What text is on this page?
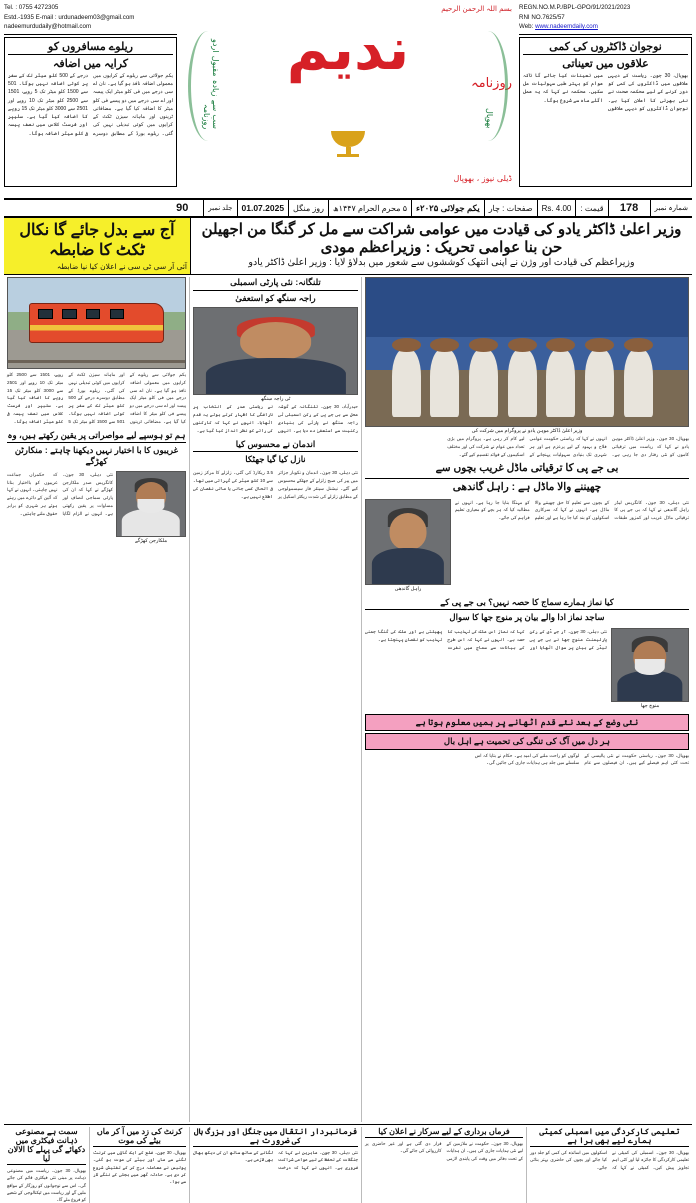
Tel. : 0755 4272305
Estd.-1935 E-mail : urdunadeem03@gmail.com
nadeemurdudaily@hotmail.com
ریلوے مسافروں کو
کرایہ میں اضافہ
یکم جولائی سے ریلوے کے کرایوں میں معمولی اضافہ نافذ ہو گیا ہے۔ نان اے سی درجے میں فی کلو میٹر ایک پیسہ اور اے سی درجے میں دو پیسے فی کلو میٹر کا اضافہ کیا گیا ہے۔ مضافاتی ٹرینوں اور ماہانہ سیزن ٹکٹ کے کرایوں میں کوئی تبدیلی نہیں کی گئی۔ ریلوے بورڈ کے مطابق دوسرے درجے کے 500 کلو میٹر تک کے سفر پر کوئی اضافہ نہیں ہوگا۔ 501 سے 1500 کلو میٹر تک 5 روپے، 1501 سے 2500 کلو میٹر تک 10 روپے اور 2501 سے 3000 کلو میٹر تک 15 روپے کا اضافہ کیا گیا ہے۔ سلیپر اور فرسٹ کلاس میں نصف پیسہ فی کلو میٹر اضافہ ہوگا۔
بسم اللہ الرحمن الرحیم
سب سے زیادہ مقبول اردو روزنامہ	بھوپال
ندیم
روزنامہ
ڈیلی نیوز ، بھوپال
REGN.NO.M.P./BPL-GPO/91/2021/2023
RNI NO.7625/57
Web: www.nadeemdaily.com
نوجوان ڈاکٹروں کی کمی
علاقوں میں تعیناتی
بھوپال، 30 جون۔ ریاست کے دیہی علاقوں میں ڈاکٹروں کی کمی کو دور کرنے کے لیے محکمہ صحت نے نئی بھرتی کا اعلان کیا ہے۔ نوجوان ڈاکٹروں کو دیہی علاقوں میں تعینات کیا جائے گا تاکہ عوام کو بہتر طبی سہولیات مل سکیں۔ محکمہ نے کہا کہ یہ عمل اگلے ماہ سے شروع ہوگا۔
شمارہ نمبر
178
قیمت :
Rs. 4.00
صفحات : چار
یکم جولائی ۲۰۲۵ء
۵ محرم الحرام ۱۴۴۷ھ
روز منگل
01.07.2025
جلد نمبر
90
وزیر اعلیٰ ڈاکٹر یادو کی قیادت میں عوامی شراکت سے مل کر گنگا من اجھیلن حن بنا عوامی تحریک : وزیراعظم مودی
وزیراعظم کی قیادت اور وژن نے اپنی انتھک کوششوں سے شعور میں بدلاؤ لایا : وزیر اعلیٰ ڈاکٹر یادو
آج سے بدل جائے گا نکال ٹکٹ کا ضابطہ
آئی آر سی ٹی سی نے اعلان کیا نیا ضابطہ
وزیر اعلیٰ ڈاکٹر موہن یادو نے پروگرام میں شرکت کی
بھوپال، 30 جون۔ وزیر اعلیٰ ڈاکٹر موہن یادو نے کہا کہ ریاست میں ترقیاتی کاموں کو نئی رفتار دی جا رہی ہے۔ انہوں نے کہا کہ ریاستی حکومت عوامی فلاح و بہبود کے لیے پرعزم ہے اور ہر شہری تک بنیادی سہولیات پہنچانے کے لیے کام کر رہی ہے۔ پروگرام میں بڑی تعداد میں عوام نے شرکت کی اور مختلف اسکیموں کے فوائد تقسیم کیے گئے۔
بی جے پی کا ترقیاتی ماڈل غریب بچوں سے
چھیننے والا ماڈل ہے : راہل گاندھی
نئی دہلی، 30 جون۔ کانگریس لیڈر راہل گاندھی نے کہا کہ بی جے پی کا ترقیاتی ماڈل غریب اور کمزور طبقات کے بچوں سے تعلیم کا حق چھیننے والا ماڈل ہے۔ انہوں نے کہا کہ سرکاری اسکولوں کو بند کیا جا رہا ہے اور تعلیم کو مہنگا بنایا جا رہا ہے۔ انہوں نے مطالبہ کیا کہ ہر بچے کو معیاری تعلیم فراہم کی جائے۔
راہل گاندھی
کیا نماز ہمارے سماج کا حصہ نہیں؟ بی جے پی کے
ساجد نماز ادا والے بیان پر منوج جھا کا سوال
منوج جھا
نئی دہلی، 30 جون۔ آر جے ڈی کے رکن پارلیمنٹ منوج جھا نے بی جے پی لیڈر کے بیان پر سوال اٹھایا اور کہا کہ نماز اس ملک کی تہذیب کا حصہ ہے۔ انہوں نے کہا کہ اس طرح کے بیانات سے سماج میں نفرت پھیلتی ہے اور ملک کی گنگا جمنی تہذیب کو نقصان پہنچتا ہے۔
نئی وضع کے بعد نئے قدم اٹھانے پر ہمیں معلوم ہوتا ہے
ہر دل میں آگ کی تنگی کی تحمیت ہے اہل بال
بھوپال، 30 جون۔ ریاستی حکومت نے نئی پالیسی کے تحت کئی اہم فیصلے کیے ہیں۔ ان فیصلوں سے عام لوگوں کو راحت ملنے کی امید ہے۔ حکام نے بتایا کہ اس سلسلے میں جلد ہی ہدایات جاری کی جائیں گی۔
تلنگانہ: نئی پارٹی اسمبلی
راجہ سنگھ کو استعفیٰ
ٹی راجہ سنگھ
حیدرآباد، 30 جون۔ تلنگانہ کے گوشہ محل سے بی جے پی کے رکن اسمبلی ٹی راجہ سنگھ نے پارٹی کی بنیادی رکنیت سے استعفیٰ دے دیا ہے۔ انہوں نے ریاستی صدر کے انتخاب پر ناراضگی کا اظہار کرتے ہوئے یہ قدم اٹھایا۔ انہوں نے کہا کہ کارکنوں کی رائے کو نظر انداز کیا گیا ہے۔
اندمان نے محسوس کیا
نازل کیا گیا جھٹکا
نئی دہلی، 30 جون۔ اندمان و نکوبار جزائر میں پیر کی صبح زلزلے کے جھٹکے محسوس کیے گئے۔ نیشنل سینٹر فار سیسمولوجی کے مطابق زلزلے کی شدت ریکٹر اسکیل پر 3.5 ریکارڈ کی گئی۔ زلزلے کا مرکز زمین سے 10 کلو میٹر کی گہرائی میں تھا۔ فی الحال کسی جانی یا مالی نقصان کی اطلاع نہیں ہے۔
یکم جولائی سے ریلوے کے کرایوں میں معمولی اضافہ نافذ ہو گیا ہے۔ نان اے سی درجے میں فی کلو میٹر ایک پیسہ اور اے سی درجے میں دو پیسے فی کلو میٹر کا اضافہ کیا گیا ہے۔ مضافاتی ٹرینوں اور ماہانہ سیزن ٹکٹ کے کرایوں میں کوئی تبدیلی نہیں کی گئی۔ ریلوے بورڈ کے مطابق دوسرے درجے کے 500 کلو میٹر تک کے سفر پر کوئی اضافہ نہیں ہوگا۔ 501 سے 1500 کلو میٹر تک 5 روپے، 1501 سے 2500 کلو میٹر تک 10 روپے اور 2501 سے 3000 کلو میٹر تک 15 روپے کا اضافہ کیا گیا ہے۔ سلیپر اور فرسٹ کلاس میں نصف پیسہ فی کلو میٹر اضافہ ہوگا۔
ہم تو ہوسپے لیے مواصراتی پر یقین رکھتے ہیں، وہ
غریبوں کا با اختیار نہیں دیکھنا چاہتے : منکارٹن کھڑگے
ملکارجن کھڑگے
نئی دہلی، 30 جون۔ کانگریس صدر ملکارجن کھڑگے نے کہا کہ ان کی پارٹی سماجی انصاف اور مساوات پر یقین رکھتی ہے۔ انہوں نے الزام لگایا کہ حکمراں جماعت غریبوں کو بااختیار بنانا نہیں چاہتی۔ انہوں نے کہا کہ آئین کے دائرے میں رہتے ہوئے ہر شہری کو برابر حقوق ملنے چاہئیں۔
تعلیمی کارکردگی میں اسمبلی کمیٹی ہمارے لیے بھی برا ہے
بھوپال، 30 جون۔ اسمبلی کی کمیٹی نے تعلیمی کارکردگی کا جائزہ لیا اور کئی اہم تجاویز پیش کیں۔ کمیٹی نے کہا کہ اسکولوں میں اساتذہ کی کمی کو جلد دور کیا جائے اور بچوں کی حاضری بہتر بنائی جائے۔
فرماں برداری کے لیے سرکار نے اعلان کیا
بھوپال، 30 جون۔ حکومت نے ملازمین کے لیے نئی ہدایات جاری کی ہیں۔ ان ہدایات کے تحت دفاتر میں وقت کی پابندی لازمی قرار دی گئی ہے اور غیر حاضری پر کارروائی کی جائے گی۔
فرمانبردار انتقال میں جنگل اور بزرگ بال کی ضرورت ہے
نئی دہلی، 30 جون۔ ماہرین نے کہا کہ جنگلات کے تحفظ کے لیے عوامی شراکت ضروری ہے۔ انہوں نے کہا کہ درخت لگانے کے ساتھ ساتھ ان کی دیکھ بھال بھی لازمی ہے۔
کرنٹ کی زد میں آ کر ماں بیٹے کی موت
بھوپال، 30 جون۔ ضلع کے ایک گاؤں میں کرنٹ لگنے سے ماں اور بیٹے کی موت ہو گئی۔ پولیس نے معاملہ درج کر کے تفتیش شروع کر دی ہے۔ حادثہ گھر میں بجلی کے ننگے تار سے ہوا۔
سمت ہے مصنوعی ذہانت فیکٹری میں دکھائے گی پہلے کا الالان لیا
بھوپال، 30 جون۔ ریاست میں مصنوعی ذہانت پر مبنی نئی فیکٹری قائم کی جائے گی۔ اس سے نوجوانوں کو روزگار کے مواقع ملیں گے اور ریاست میں ٹیکنالوجی کے شعبے کو فروغ ملے گا۔
